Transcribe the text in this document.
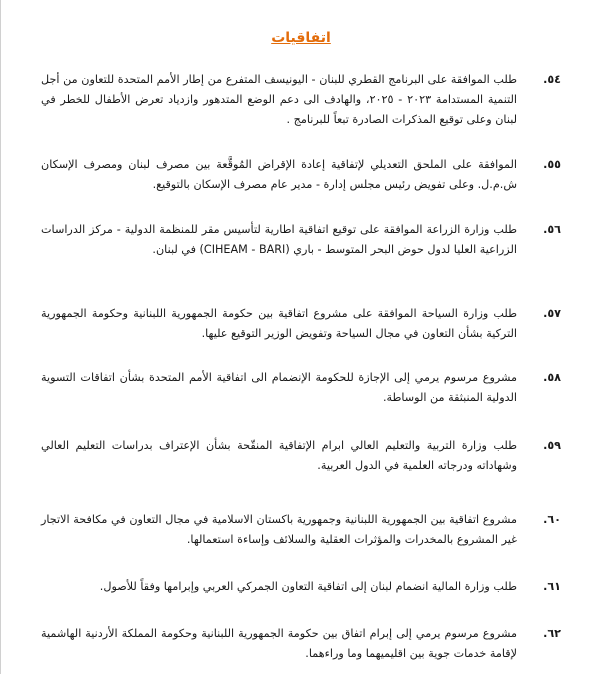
اتفاقيات
٥٤.
طلب الموافقة على البرنامج القطري للبنان - اليونيسف المتفرع من إطار الأمم المتحدة للتعاون من أجل التنمية المستدامة ٢٠٢٣ - ٢٠٢٥، والهادف الى دعم الوضع المتدهور وازدياد تعرض الأطفال للخطر في لبنان وعلى توقيع المذكرات الصادرة تبعاً للبرنامج .
٥٥.
الموافقة على الملحق التعديلي لإتفاقية إعادة الإقراض المُوقَّعة بين مصرف لبنان ومصرف الإسكان ش.م.ل. وعلى تفويض رئيس مجلس إدارة - مدير عام مصرف الإسكان بالتوقيع.
٥٦.
طلب وزارة الزراعة الموافقة على توقيع اتفاقية اطارية لتأسيس مقر للمنظمة الدولية - مركز الدراسات الزراعية العليا لدول حوض البحر المتوسط - باري (CIHEAM - BARI) في لبنان.
٥٧.
طلب وزارة السياحة الموافقة على مشروع اتفاقية بين حكومة الجمهورية اللبنانية وحكومة الجمهورية التركية بشأن التعاون في مجال السياحة وتفويض الوزير التوقيع عليها.
٥٨.
مشروع مرسوم يرمي إلى الإجازة للحكومة الإنضمام الى اتفاقية الأمم المتحدة بشأن اتفاقات التسوية الدولية المنبثقة من الوساطة.
٥٩.
طلب وزارة التربية والتعليم العالي ابرام الإتفاقية المنقّحة بشأن الإعتراف بدراسات التعليم العالي وشهاداته ودرجاته العلمية في الدول العربية.
٦٠.
مشروع اتفاقية بين الجمهورية اللبنانية وجمهورية باكستان الاسلامية في مجال التعاون في مكافحة الاتجار غير المشروع بالمخدرات والمؤثرات العقلية والسلائف وإساءة استعمالها.
٦١.
طلب وزارة المالية انضمام لبنان إلى اتفاقية التعاون الجمركي العربي وإبرامها وفقاً للأصول.
٦٢.
مشروع مرسوم يرمي إلى إبرام اتفاق بين حكومة الجمهورية اللبنانية وحكومة المملكة الأردنية الهاشمية لإقامة خدمات جوية بين اقليميهما وما وراءهما.
